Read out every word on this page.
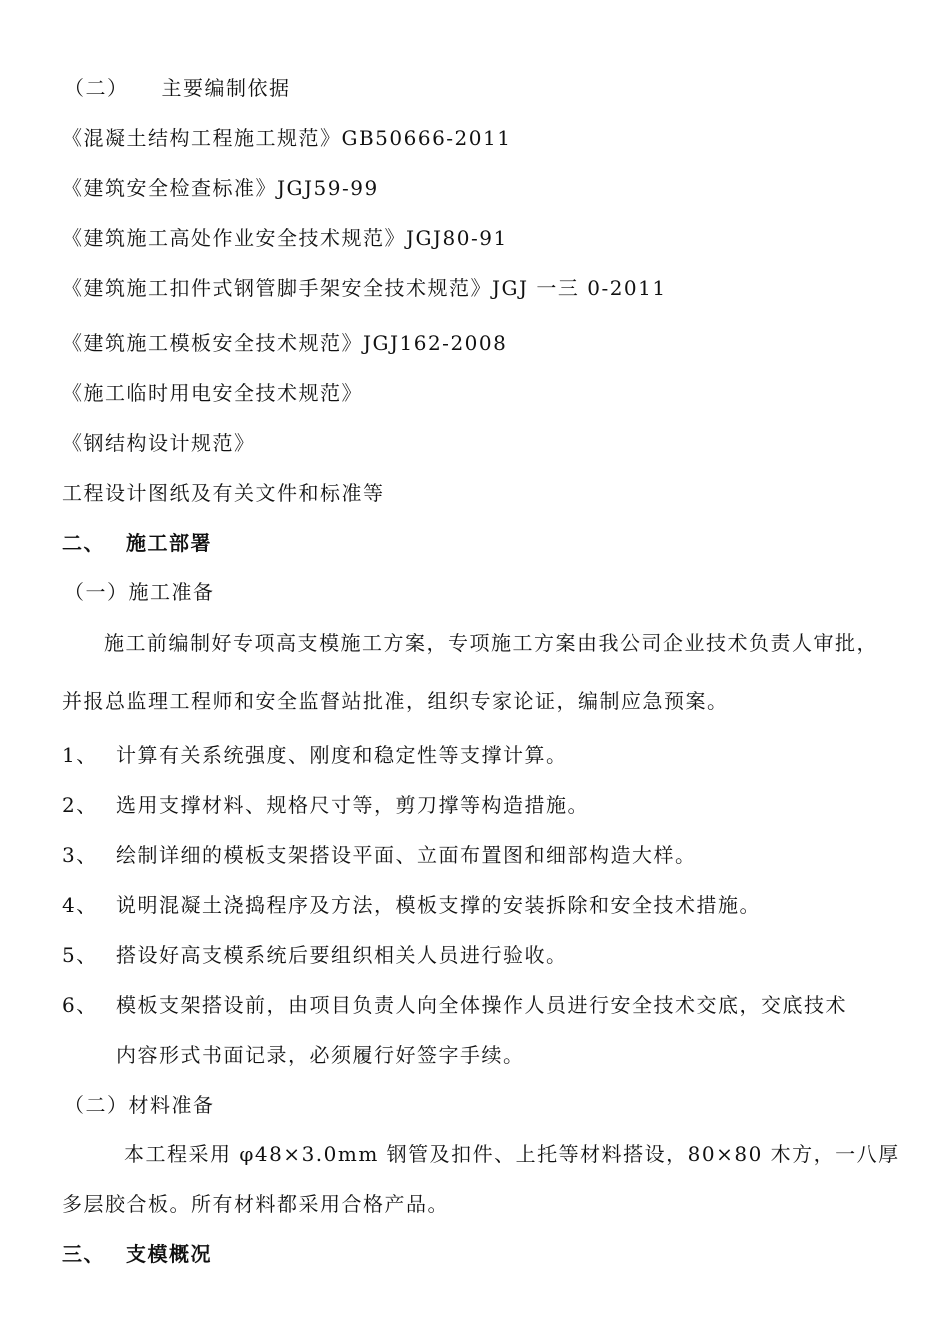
（二）　　主要编制依据
《混凝土结构工程施工规范》GB50666-2011
《建筑安全检查标准》JGJ59-99
《建筑施工高处作业安全技术规范》JGJ80-91
《建筑施工扣件式钢管脚手架安全技术规范》JGJ 一三 0-2011
《建筑施工模板安全技术规范》JGJ162-2008
《施工临时用电安全技术规范》
《钢结构设计规范》
工程设计图纸及有关文件和标准等
二、 施工部署
（一）施工准备
施工前编制好专项高支模施工方案，专项施工方案由我公司企业技术负责人审批，
并报总监理工程师和安全监督站批准，组织专家论证，编制应急预案。
1、 计算有关系统强度、刚度和稳定性等支撑计算。
2、 选用支撑材料、规格尺寸等，剪刀撑等构造措施。
3、 绘制详细的模板支架搭设平面、立面布置图和细部构造大样。
4、 说明混凝土浇捣程序及方法，模板支撑的安装拆除和安全技术措施。
5、 搭设好高支模系统后要组织相关人员进行验收。
6、 模板支架搭设前，由项目负责人向全体操作人员进行安全技术交底，交底技术
内容形式书面记录，必须履行好签字手续。
（二）材料准备
本工程采用 φ48×3.0mm 钢管及扣件、上托等材料搭设，80×80 木方，一八厚
多层胶合板。所有材料都采用合格产品。
三、 支模概况
